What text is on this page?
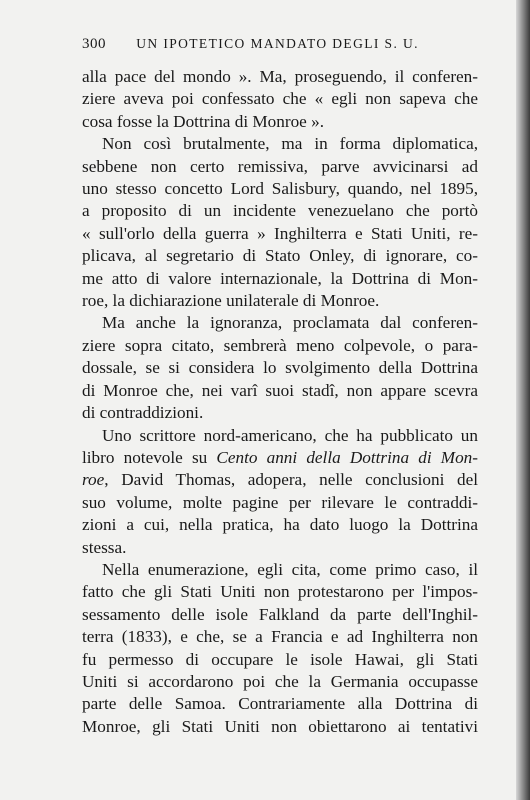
300 UN IPOTETICO MANDATO DEGLI S. U.

alla pace del mondo ». Ma, proseguendo, il conferen-
ziere aveva poi confessato che « egli non sapeva che
cosa fosse la Dottrina di Monroe ».

Non così brutalmente, ma in forma diplomatica,
sebbene non certo remissiva, parve avvicinarsi ad
uno stesso concetto Lord Salisbury, quando, nel 1895,
a proposito di un incidente venezuelano che portò
« sull'orlo della guerra » Inghilterra e Stati Uniti, re-
plicava, al segretario di Stato Onley, di ignorare, co-
me atto di valore internazionale, la Dottrina di Mon-
roe, la dichiarazione unilaterale di Monroe.

Ma anche la ignoranza, proclamata dal conferen-
ziere sopra citato, sembrerà meno colpevole, o para-
dossale, se si considera lo svolgimento della Dottrina
di Monroe che, nei varî suoi stadî, non appare scevra
di contraddizioni.

Uno scrittore nord-americano, che ha pubblicato un
libro notevole su Cento anni della Dottrina di Mon-
roe, David Thomas, adopera, nelle conclusioni del
suo volume, molte pagine per rilevare le contraddi-
zioni a cui, nella pratica, ha dato luogo la Dottrina
stessa.

Nella enumerazione, egli cita, come primo caso, il
fatto che gli Stati Uniti non protestarono per l'impos-
sessamento delle isole Falkland da parte dell'Inghil-
terra (1833), e che, se a Francia e ad Inghilterra non
fu permesso di occupare le isole Hawai, gli Stati
Uniti si accordarono poi che la Germania occupasse
parte delle Samoa. Contrariamente alla Dottrina di
Monroe, gli Stati Uniti non obiettarono ai tentativi
